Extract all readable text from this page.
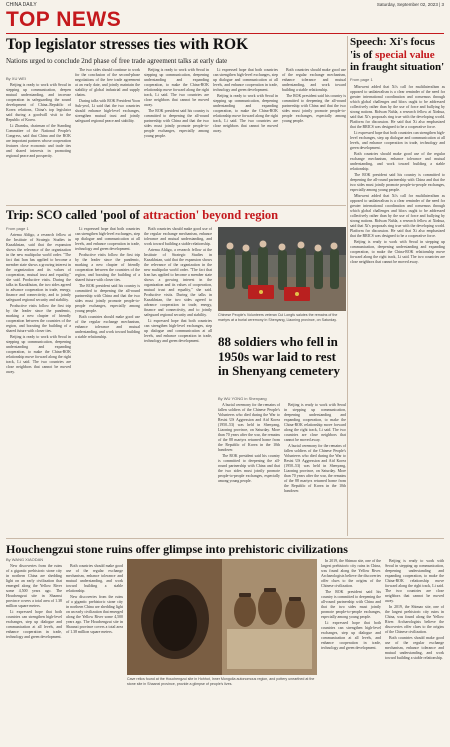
CHINA DAILY	Saturday, September 02, 2023 | 3
TOP NEWS
Top legislator stresses ties with ROK
Nations urged to conclude 2nd phase of free trade agreement talks at early date
By XU WEI

Beijing is ready to work with Seoul in stepping up communication, deepen mutual understanding, and increase cooperation in safeguarding the sound development of China–Republic of Korea relations, China's top legislator said during a goodwill visit to the Republic of Korea.

Li Zhanshu, chairman of the Standing Committee of the National People's Congress, said that China and the ROK are important partners whose cooperation features close economic and trade ties and shared interests in promoting regional peace and prosperity.

The two sides should continue to work for the conclusion of the second-phase negotiations of the free trade agreement at an early date, and jointly maintain the stability of global industrial and supply chains.

During talks with ROK President Yoon Suk-yeol, Li said that the two countries should enhance high-level exchanges, strengthen mutual trust and jointly safeguard regional peace and stability.

Beijing is ready to work with Seoul in stepping up communication, deepening understanding and expanding cooperation, to make the China-ROK relationship move forward along the right track, Li said. The two countries are close neighbors that cannot be moved away.

The ROK president said his country is committed to deepening the all-round partnership with China and that the two sides must jointly promote people-to-people exchanges, especially among young people.

Li expressed hope that both countries can strengthen high-level exchanges, step up dialogue and communication at all levels, and enhance cooperation in trade, technology and green development.

Beijing is ready to work with Seoul in stepping up communication, deepening understanding and expanding cooperation, to make the China-ROK relationship move forward along the right track, Li said. The two countries are close neighbors that cannot be moved away.

Both countries should make good use of the regular exchange mechanism, enhance tolerance and mutual understanding, and work toward building a stable relationship.

The ROK president said his country is committed to deepening the all-round partnership with China and that the two sides must jointly promote people-to-people exchanges, especially among young people.

Speech: Xi's focus 'is of special value in fraught situation'
From page 1

Mboweni added that Xi's call for multilateralism as opposed to unilateralism is a clear reminder of the need for greater international coordination and consensus through which global challenges and blocs ought to be addressed collectively rather than by the use of force and bullying by strong nations. Ridwan Nahla, a research fellow at Xinhua, said that Xi's proposals ring true with the developing world. Platform for discussion. He said that Xi also emphasized that the BRICS was designed to be a cooperative force.

Li expressed hope that both countries can strengthen high-level exchanges, step up dialogue and communication at all levels, and enhance cooperation in trade, technology and green development.

Both countries should make good use of the regular exchange mechanism, enhance tolerance and mutual understanding, and work toward building a stable relationship.

The ROK president said his country is committed to deepening the all-round partnership with China and that the two sides must jointly promote people-to-people exchanges, especially among young people.

Mboweni added that Xi's call for multilateralism as opposed to unilateralism is a clear reminder of the need for greater international coordination and consensus through which global challenges and blocs ought to be addressed collectively rather than by the use of force and bullying by strong nations. Ridwan Nahla, a research fellow at Xinhua, said that Xi's proposals ring true with the developing world. Platform for discussion. He said that Xi also emphasized that the BRICS was designed to be a cooperative force.

Beijing is ready to work with Seoul in stepping up communication, deepening understanding and expanding cooperation, to make the China-ROK relationship move forward along the right track, Li said. The two countries are close neighbors that cannot be moved away.

Trip: SCO called 'pool of attraction' beyond region
From page 1

Artema Aldigo, a research fellow at the Institute of Strategic Studies in Kazakhstan, said that the expansion shows the relevance of the organization in the new multipolar world order. "The fact that Iran has applied to become a member state shows a growing interest in the organization and its values of cooperation, mutual trust and equality," she said. Productive visits. During the talks in Kazakhstan, the two sides agreed to advance cooperation in trade, energy, finance and connectivity, and to jointly safeguard regional security and stability.

Productive visits follow the first trip by the leader since the pandemic, marking a new chapter of friendly cooperation between the countries of the region, and boosting the building of a shared future with closer ties.

Beijing is ready to work with Seoul in stepping up communication, deepening understanding and expanding cooperation, to make the China-ROK relationship move forward along the right track, Li said. The two countries are close neighbors that cannot be moved away.

Li expressed hope that both countries can strengthen high-level exchanges, step up dialogue and communication at all levels, and enhance cooperation in trade, technology and green development.

Productive visits follow the first trip by the leader since the pandemic, marking a new chapter of friendly cooperation between the countries of the region, and boosting the building of a shared future with closer ties.

The ROK president said his country is committed to deepening the all-round partnership with China and that the two sides must jointly promote people-to-people exchanges, especially among young people.

Both countries should make good use of the regular exchange mechanism, enhance tolerance and mutual understanding, and work toward building a stable relationship.

Both countries should make good use of the regular exchange mechanism, enhance tolerance and mutual understanding, and work toward building a stable relationship.

Artema Aldigo, a research fellow at the Institute of Strategic Studies in Kazakhstan, said that the expansion shows the relevance of the organization in the new multipolar world order. "The fact that Iran has applied to become a member state shows a growing interest in the organization and its values of cooperation, mutual trust and equality," she said. Productive visits. During the talks in Kazakhstan, the two sides agreed to advance cooperation in trade, energy, finance and connectivity, and to jointly safeguard regional security and stability.

Li expressed hope that both countries can strengthen high-level exchanges, step up dialogue and communication at all levels, and enhance cooperation in trade, technology and green development.

Chinese People's Volunteers veteran Cui Longfu salutes the remains of the martyrs at a burial ceremony in Shenyang, Liaoning province, on Saturday.
88 soldiers who fell in 1950s war laid to rest in Shenyang cemetery
By WU YONG in Shenyang

A burial ceremony for the remains of fallen soldiers of the Chinese People's Volunteers who died during the War to Resist US Aggression and Aid Korea (1950–53) was held in Shenyang, Liaoning province, on Saturday. More than 70 years after the war, the remains of the 88 martyrs returned home from the Republic of Korea in the 10th handover.

The ROK president said his country is committed to deepening the all-round partnership with China and that the two sides must jointly promote people-to-people exchanges, especially among young people.

Beijing is ready to work with Seoul in stepping up communication, deepening understanding and expanding cooperation, to make the China-ROK relationship move forward along the right track, Li said. The two countries are close neighbors that cannot be moved away.

A burial ceremony for the remains of fallen soldiers of the Chinese People's Volunteers who died during the War to Resist US Aggression and Aid Korea (1950–53) was held in Shenyang, Liaoning province, on Saturday. More than 70 years after the war, the remains of the 88 martyrs returned home from the Republic of Korea in the 10th handover.

Houchengzui stone ruins offer glimpse into prehistoric civilizations
By WANG XIAODAN

New discoveries from the ruins of a gigantic prehistoric stone city in northern China are shedding light on an early civilization that emerged along the Yellow River some 4,500 years ago. The Houchengzui site in Shaanxi province covers a total area of 1.38 million square meters.

Li expressed hope that both countries can strengthen high-level exchanges, step up dialogue and communication at all levels, and enhance cooperation in trade, technology and green development.

Both countries should make good use of the regular exchange mechanism, enhance tolerance and mutual understanding, and work toward building a stable relationship.

New discoveries from the ruins of a gigantic prehistoric stone city in northern China are shedding light on an early civilization that emerged along the Yellow River some 4,500 years ago. The Houchengzui site in Shaanxi province covers a total area of 1.38 million square meters.

Cave relics found at the Houchengzui site in Hohhot, Inner Mongolia autonomous region, and pottery unearthed at the stone site in Shaanxi province, provide a glimpse of people's lives.

In 2019, the Shimao site, one of the largest prehistoric city ruins in China, was found along the Yellow River. Archaeologists believe the discoveries offer clues to the origins of the Chinese civilization.

The ROK president said his country is committed to deepening the all-round partnership with China and that the two sides must jointly promote people-to-people exchanges, especially among young people.

Li expressed hope that both countries can strengthen high-level exchanges, step up dialogue and communication at all levels, and enhance cooperation in trade, technology and green development.

Beijing is ready to work with Seoul in stepping up communication, deepening understanding and expanding cooperation, to make the China-ROK relationship move forward along the right track, Li said. The two countries are close neighbors that cannot be moved away.

In 2019, the Shimao site, one of the largest prehistoric city ruins in China, was found along the Yellow River. Archaeologists believe the discoveries offer clues to the origins of the Chinese civilization.

Both countries should make good use of the regular exchange mechanism, enhance tolerance and mutual understanding, and work toward building a stable relationship.
